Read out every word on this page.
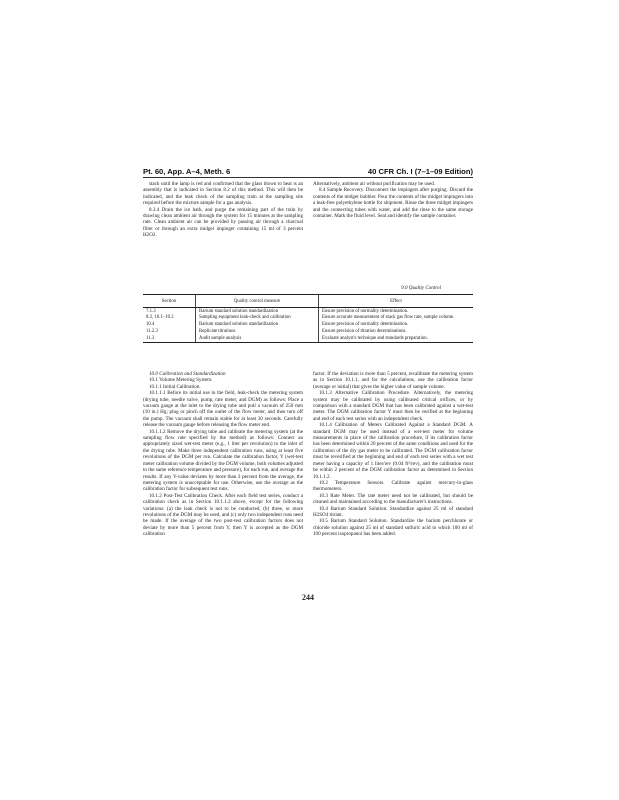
Pt. 60, App. A–4, Meth. 6	40 CFR Ch. I (7–1–09 Edition)

stack until the lamp is red and confirmed that the glass blown to heat is an assembly that is indicated in Section 8.2 of this method. This will then be indicated, and the leak check of the sampling train at the sampling site required before the mixture sample for a gas analysis.

8.3.4 Drain the ice bath, and purge the remaining part of the train by drawing clean ambient air through the system for 15 minutes at the sampling rate. Clean ambient air can be provided by passing air through a charcoal filter or through an extra midget impinger containing 15 ml of 3 percent H2O2.

Alternatively, ambient air without purification may be used.

8.4 Sample Recovery. Disconnect the impingers after purging. Discard the contents of the midget bubbler. Pour the contents of the midget impingers into a leak-free polyethylene bottle for shipment. Rinse the three midget impingers and the connecting tubes with water, and add the rinse to the same storage container. Mark the fluid level. Seal and identify the sample container.

9.0 Quality Control
Section	Quality control measure	Effect
7.1.3	Barium standard solution standardization	Ensure precision of normality determination.
8.2, 10.1–10.3	Sampling equipment leak-check and calibration	Ensure accurate measurement of stack gas flow rate, sample volume.
10.4	Barium standard solution standardization	Ensure precision of normality determination.
11.2.3	Replicate titrations	Ensure precision of titration determinations.
11.3	Audit sample analysis	Evaluate analyst's technique and standards preparation.

10.0 Calibration and Standardization

10.1 Volume Metering System.

10.1.1 Initial Calibration.

10.1.1.1 Before its initial use in the field, leak-check the metering system (drying tube, needle valve, pump, rate meter, and DGM) as follows: Place a vacuum gauge at the inlet to the drying tube and pull a vacuum of 250 mm (10 in.) Hg; plug or pinch off the outlet of the flow meter, and then turn off the pump. The vacuum shall remain stable for at least 30 seconds. Carefully release the vacuum gauge before releasing the flow meter end.

10.1.1.2 Remove the drying tube and calibrate the metering system (at the sampling flow rate specified by the method) as follows: Connect an appropriately sized wet-test meter (e.g., 1 liter per revolution) to the inlet of the drying tube. Make three independent calibration runs, using at least five revolutions of the DGM per run. Calculate the calibration factor, Y (wet-test meter calibration volume divided by the DGM volume, both volumes adjusted to the same reference temperature and pressure), for each run, and average the results. If any Y-value deviates by more than 2 percent from the average, the metering system is unacceptable for use. Otherwise, use the average as the calibration factor for subsequent test runs.

10.1.2 Post-Test Calibration Check. After each field test series, conduct a calibration check as in Section 10.1.1.2 above, except for the following variations: (a) the leak check is not to be conducted, (b) three, or more revolutions of the DGM may be used, and (c) only two independent runs need be made. If the average of the two post-test calibration factors does not deviate by more than 5 percent from Y, then Y is accepted as the DGM calibration

factor. If the deviation is more than 5 percent, recalibrate the metering system as in Section 10.1.1, and for the calculations, use the calibration factor (average or initial) that gives the higher value of sample volume.

10.1.3 Alternative Calibration Procedure. Alternatively, the metering system may be calibrated by using calibrated critical orifices, or by comparison with a standard DGM that has been calibrated against a wet-test meter. The DGM calibration factor Y must then be verified at the beginning and end of each test series with an independent check.

10.1.4 Calibration of Meters Calibrated Against a Standard DGM. A standard DGM may be used instead of a wet-test meter for volume measurements in place of the calibration procedure, if its calibration factor has been determined within 20 percent of the same conditions and used for the calibration of the dry gas meter to be calibrated. The DGM calibration factor must be reverified at the beginning and end of each test series with a wet test meter having a capacity of 1 liter/rev (0.04 ft³/rev), and the calibration must be within 2 percent of the DGM calibration factor as determined in Section 10.1.1.2.

10.2 Temperature Sensors. Calibrate against mercury-in-glass thermometers.

10.3 Rate Meter. The rate meter need not be calibrated, but should be cleaned and maintained according to the manufacturer's instructions.

10.4 Barium Standard Solution. Standardize against 25 ml of standard H2SO4 titrant.

10.5 Barium Standard Solution. Standardize the barium perchlorate or chloride solution against 25 ml of standard sulfuric acid to which 100 ml of 100 percent isopropanol has been added.

244
